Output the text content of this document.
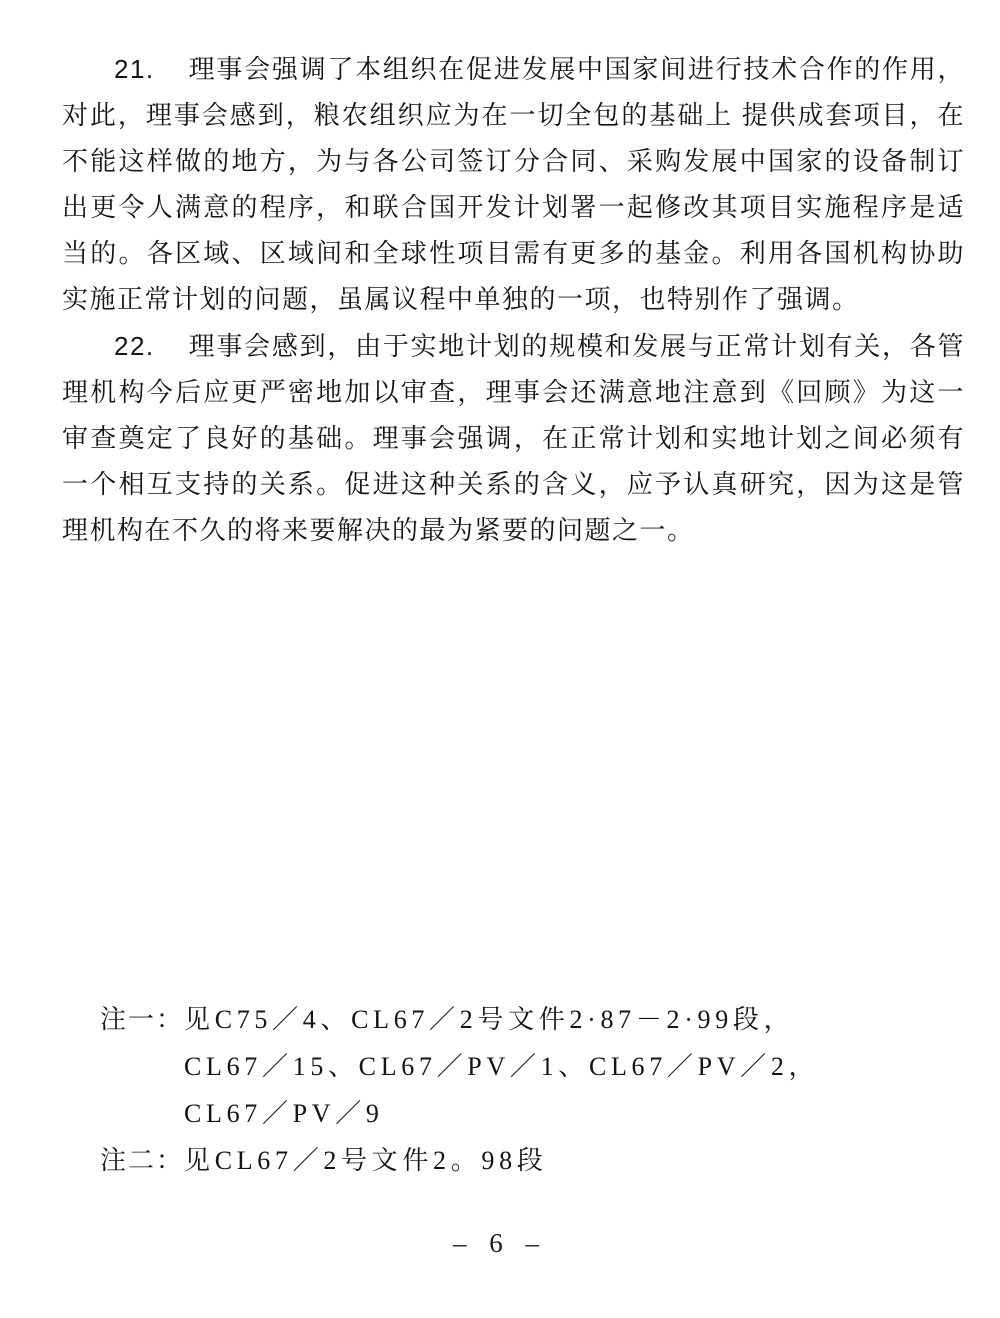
21. 理事会强调了本组织在促进发展中国家间进行技术合作的作用，对此，理事会感到，粮农组织应为在一切全包的基础上 提供成套项目，在不能这样做的地方，为与各公司签订分合同、采购发展中国家的设备制订出更令人满意的程序，和联合国开发计划署一起修改其项目实施程序是适当的。各区域、区域间和全球性项目需有更多的基金。利用各国机构协助实施正常计划的问题，虽属议程中单独的一项，也特别作了强调。

22. 理事会感到，由于实地计划的规模和发展与正常计划有关，各管理机构今后应更严密地加以审查，理事会还满意地注意到《回顾》为这一审查奠定了良好的基础。理事会强调，在正常计划和实地计划之间必须有一个相互支持的关系。促进这种关系的含义，应予认真研究，因为这是管理机构在不久的将来要解决的最为紧要的问题之一。

注一： 见C75／4、CL67／2号文件2·87－2·99段，
CL67／15、CL67／PV／1、CL67／PV／2，
CL67／PV／9
注二： 见CL67／2号文件2。98段
– 6 –
